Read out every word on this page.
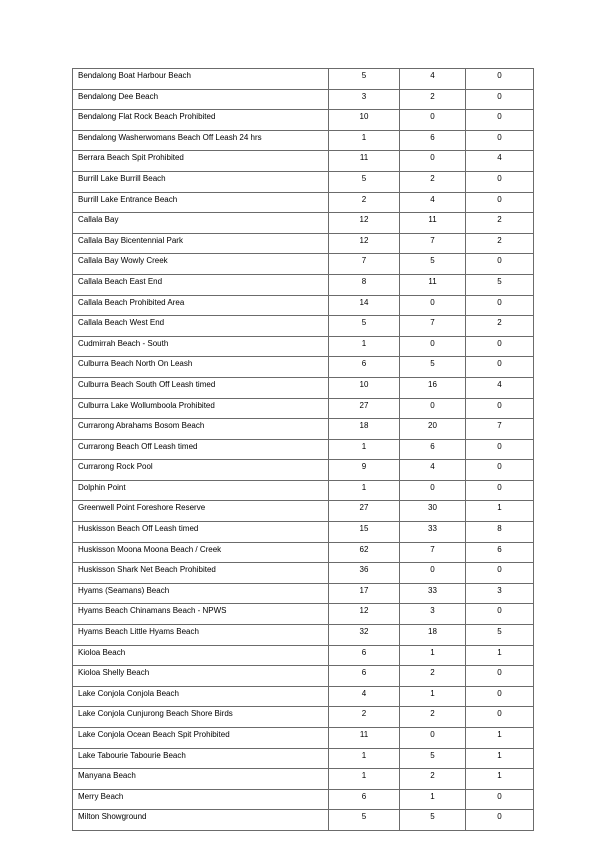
Bendalong Boat Harbour Beach	5	4	0
Bendalong Dee Beach	3	2	0
Bendalong Flat Rock Beach Prohibited	10	0	0
Bendalong Washerwomans Beach Off Leash 24 hrs	1	6	0
Berrara Beach Spit Prohibited	11	0	4
Burrill Lake Burrill Beach	5	2	0
Burrill Lake Entrance Beach	2	4	0
Callala Bay	12	11	2
Callala Bay Bicentennial Park	12	7	2
Callala Bay Wowly Creek	7	5	0
Callala Beach East End	8	11	5
Callala Beach Prohibited Area	14	0	0
Callala Beach West End	5	7	2
Cudmirrah Beach - South	1	0	0
Culburra Beach North On Leash	6	5	0
Culburra Beach South Off Leash timed	10	16	4
Culburra Lake Wollumboola Prohibited	27	0	0
Currarong Abrahams Bosom Beach	18	20	7
Currarong Beach Off Leash timed	1	6	0
Currarong Rock Pool	9	4	0
Dolphin Point	1	0	0
Greenwell Point Foreshore Reserve	27	30	1
Huskisson Beach Off Leash timed	15	33	8
Huskisson Moona Moona Beach / Creek	62	7	6
Huskisson Shark Net Beach Prohibited	36	0	0
Hyams (Seamans) Beach	17	33	3
Hyams Beach Chinamans Beach - NPWS	12	3	0
Hyams Beach Little Hyams Beach	32	18	5
Kioloa Beach	6	1	1
Kioloa Shelly Beach	6	2	0
Lake Conjola Conjola Beach	4	1	0
Lake Conjola Cunjurong Beach Shore Birds	2	2	0
Lake Conjola Ocean Beach Spit Prohibited	11	0	1
Lake Tabourie Tabourie Beach	1	5	1
Manyana Beach	1	2	1
Merry Beach	6	1	0
Milton Showground	5	5	0
